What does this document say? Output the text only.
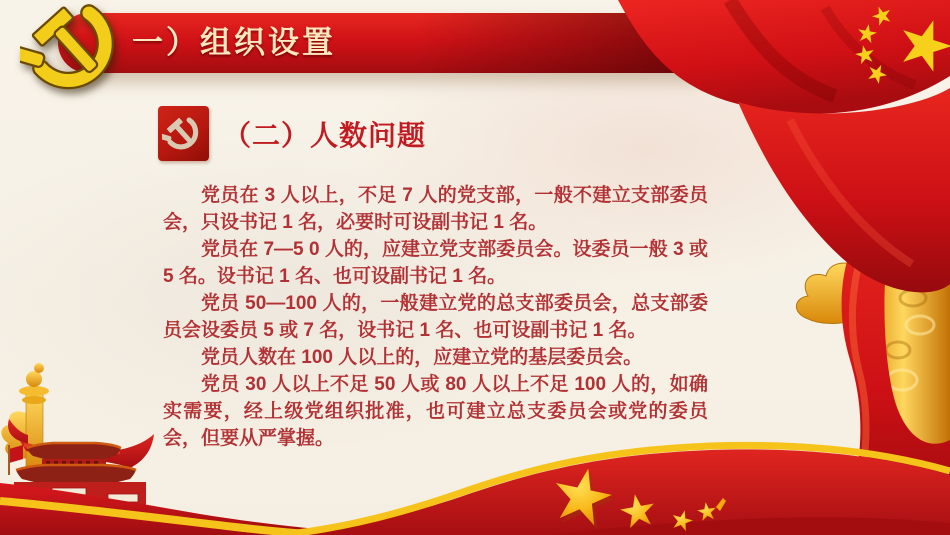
一）组织设置
（二）人数问题

党员在 3 人以上，不足 7 人的党支部，一般不建立支部委员会，只设书记 1 名，必要时可设副书记 1 名。

党员在 7—5 0 人的，应建立党支部委员会。设委员一般 3 或 5 名。设书记 1 名、也可设副书记 1 名。

党员 50—100 人的，一般建立党的总支部委员会，总支部委员会设委员 5 或 7 名，设书记 1 名、也可设副书记 1 名。

党员人数在 100 人以上的，应建立党的基层委员会。

党员 30 人以上不足 50 人或 80 人以上不足 100 人的，如确实需要，经上级党组织批准，也可建立总支委员会或党的委员会，但要从严掌握。
